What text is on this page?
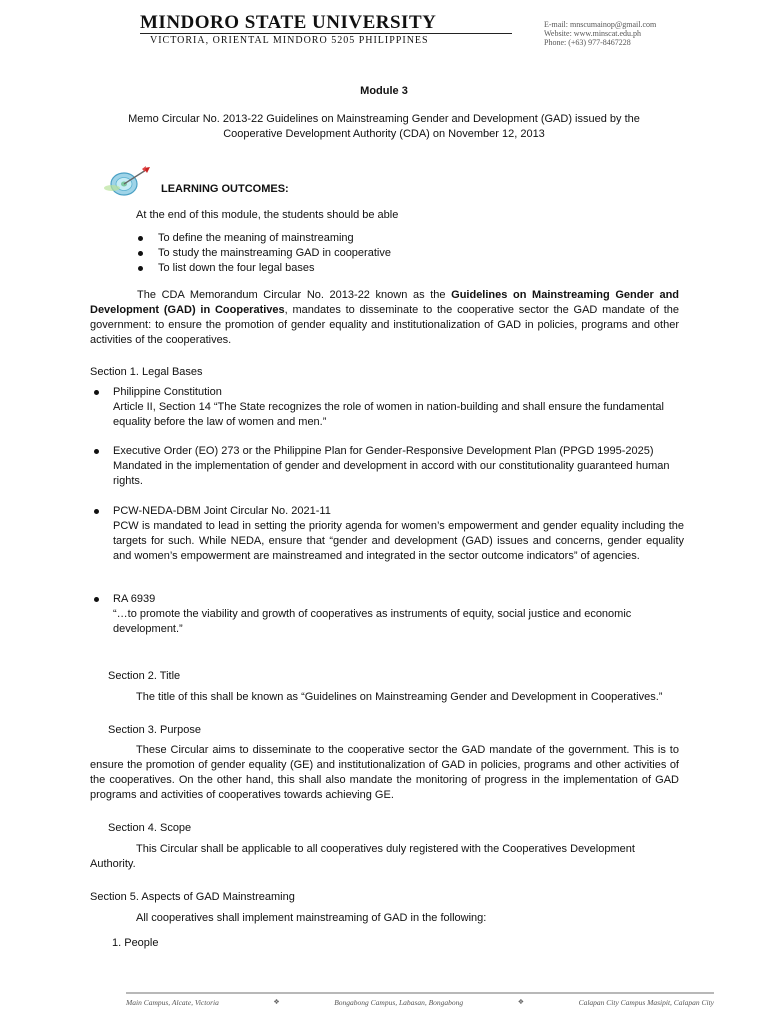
MINDORO STATE UNIVERSITY
VICTORIA, ORIENTAL MINDORO 5205 PHILIPPINES
E-mail: mnscumainop@gmail.com
Website: www.minscat.edu.ph
Phone: (+63) 977-8467228
Module 3
Memo Circular No. 2013-22 Guidelines on Mainstreaming Gender and Development (GAD) issued by the Cooperative Development Authority (CDA) on November 12, 2013
LEARNING OUTCOMES:
At the end of this module, the students should be able
To define the meaning of mainstreaming
To study the mainstreaming GAD in cooperative
To list down the four legal bases
The CDA Memorandum Circular No. 2013-22 known as the Guidelines on Mainstreaming Gender and Development (GAD) in Cooperatives, mandates to disseminate to the cooperative sector the GAD mandate of the government: to ensure the promotion of gender equality and institutionalization of GAD in policies, programs and other activities of the cooperatives.
Section 1. Legal Bases
Philippine Constitution
Article II, Section 14 “The State recognizes the role of women in nation-building and shall ensure the fundamental equality before the law of women and men.”
Executive Order (EO) 273 or the Philippine Plan for Gender-Responsive Development Plan (PPGD 1995-2025)
Mandated in the implementation of gender and development in accord with our constitutionality guaranteed human rights.
PCW-NEDA-DBM Joint Circular No. 2021-11
PCW is mandated to lead in setting the priority agenda for women’s empowerment and gender equality including the targets for such. While NEDA, ensure that “gender and development (GAD) issues and concerns, gender equality and women’s empowerment are mainstreamed and integrated in the sector outcome indicators” of agencies.
RA 6939
“…to promote the viability and growth of cooperatives as instruments of equity, social justice and economic development.”
Section 2. Title
The title of this shall be known as “Guidelines on Mainstreaming Gender and Development in Cooperatives.”
Section 3. Purpose
These Circular aims to disseminate to the cooperative sector the GAD mandate of the government. This is to ensure the promotion of gender equality (GE) and institutionalization of GAD in policies, programs and other activities of the cooperatives. On the other hand, this shall also mandate the monitoring of progress in the implementation of GAD programs and activities of cooperatives towards achieving GE.
Section 4. Scope
This Circular shall be applicable to all cooperatives duly registered with the Cooperatives Development Authority.
Section 5. Aspects of GAD Mainstreaming
All cooperatives shall implement mainstreaming of GAD in the following:
1. People
Main Campus, Alcate, Victoria	❖	Bongabong Campus, Labasan, Bongabong	❖	Calapan City Campus Masipit, Calapan City
